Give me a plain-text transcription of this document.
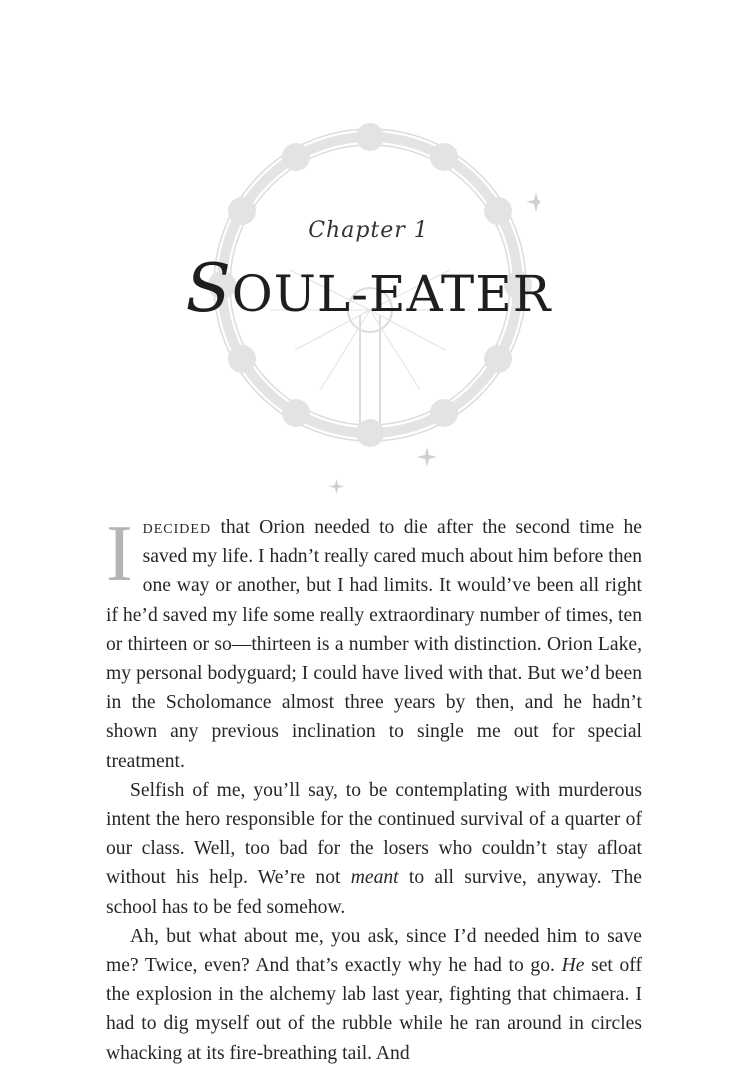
Chapter 1
SOUL-EATER

Idecided that Orion needed to die after the second time he saved my life. I hadn’t really cared much about him before then one way or another, but I had limits. It would’ve been all right if he’d saved my life some really extraordinary number of times, ten or thirteen or so—thirteen is a number with distinction. Orion Lake, my personal bodyguard; I could have lived with that. But we’d been in the Scholomance almost three years by then, and he hadn’t shown any previous inclination to single me out for special treatment.

Selfish of me, you’ll say, to be contemplating with murderous intent the hero responsible for the continued survival of a quarter of our class. Well, too bad for the losers who couldn’t stay afloat without his help. We’re not meant to all survive, anyway. The school has to be fed somehow.

Ah, but what about me, you ask, since I’d needed him to save me? Twice, even? And that’s exactly why he had to go. He set off the explosion in the alchemy lab last year, fighting that chimaera. I had to dig myself out of the rubble while he ran around in circles whacking at its fire-breathing tail. And
